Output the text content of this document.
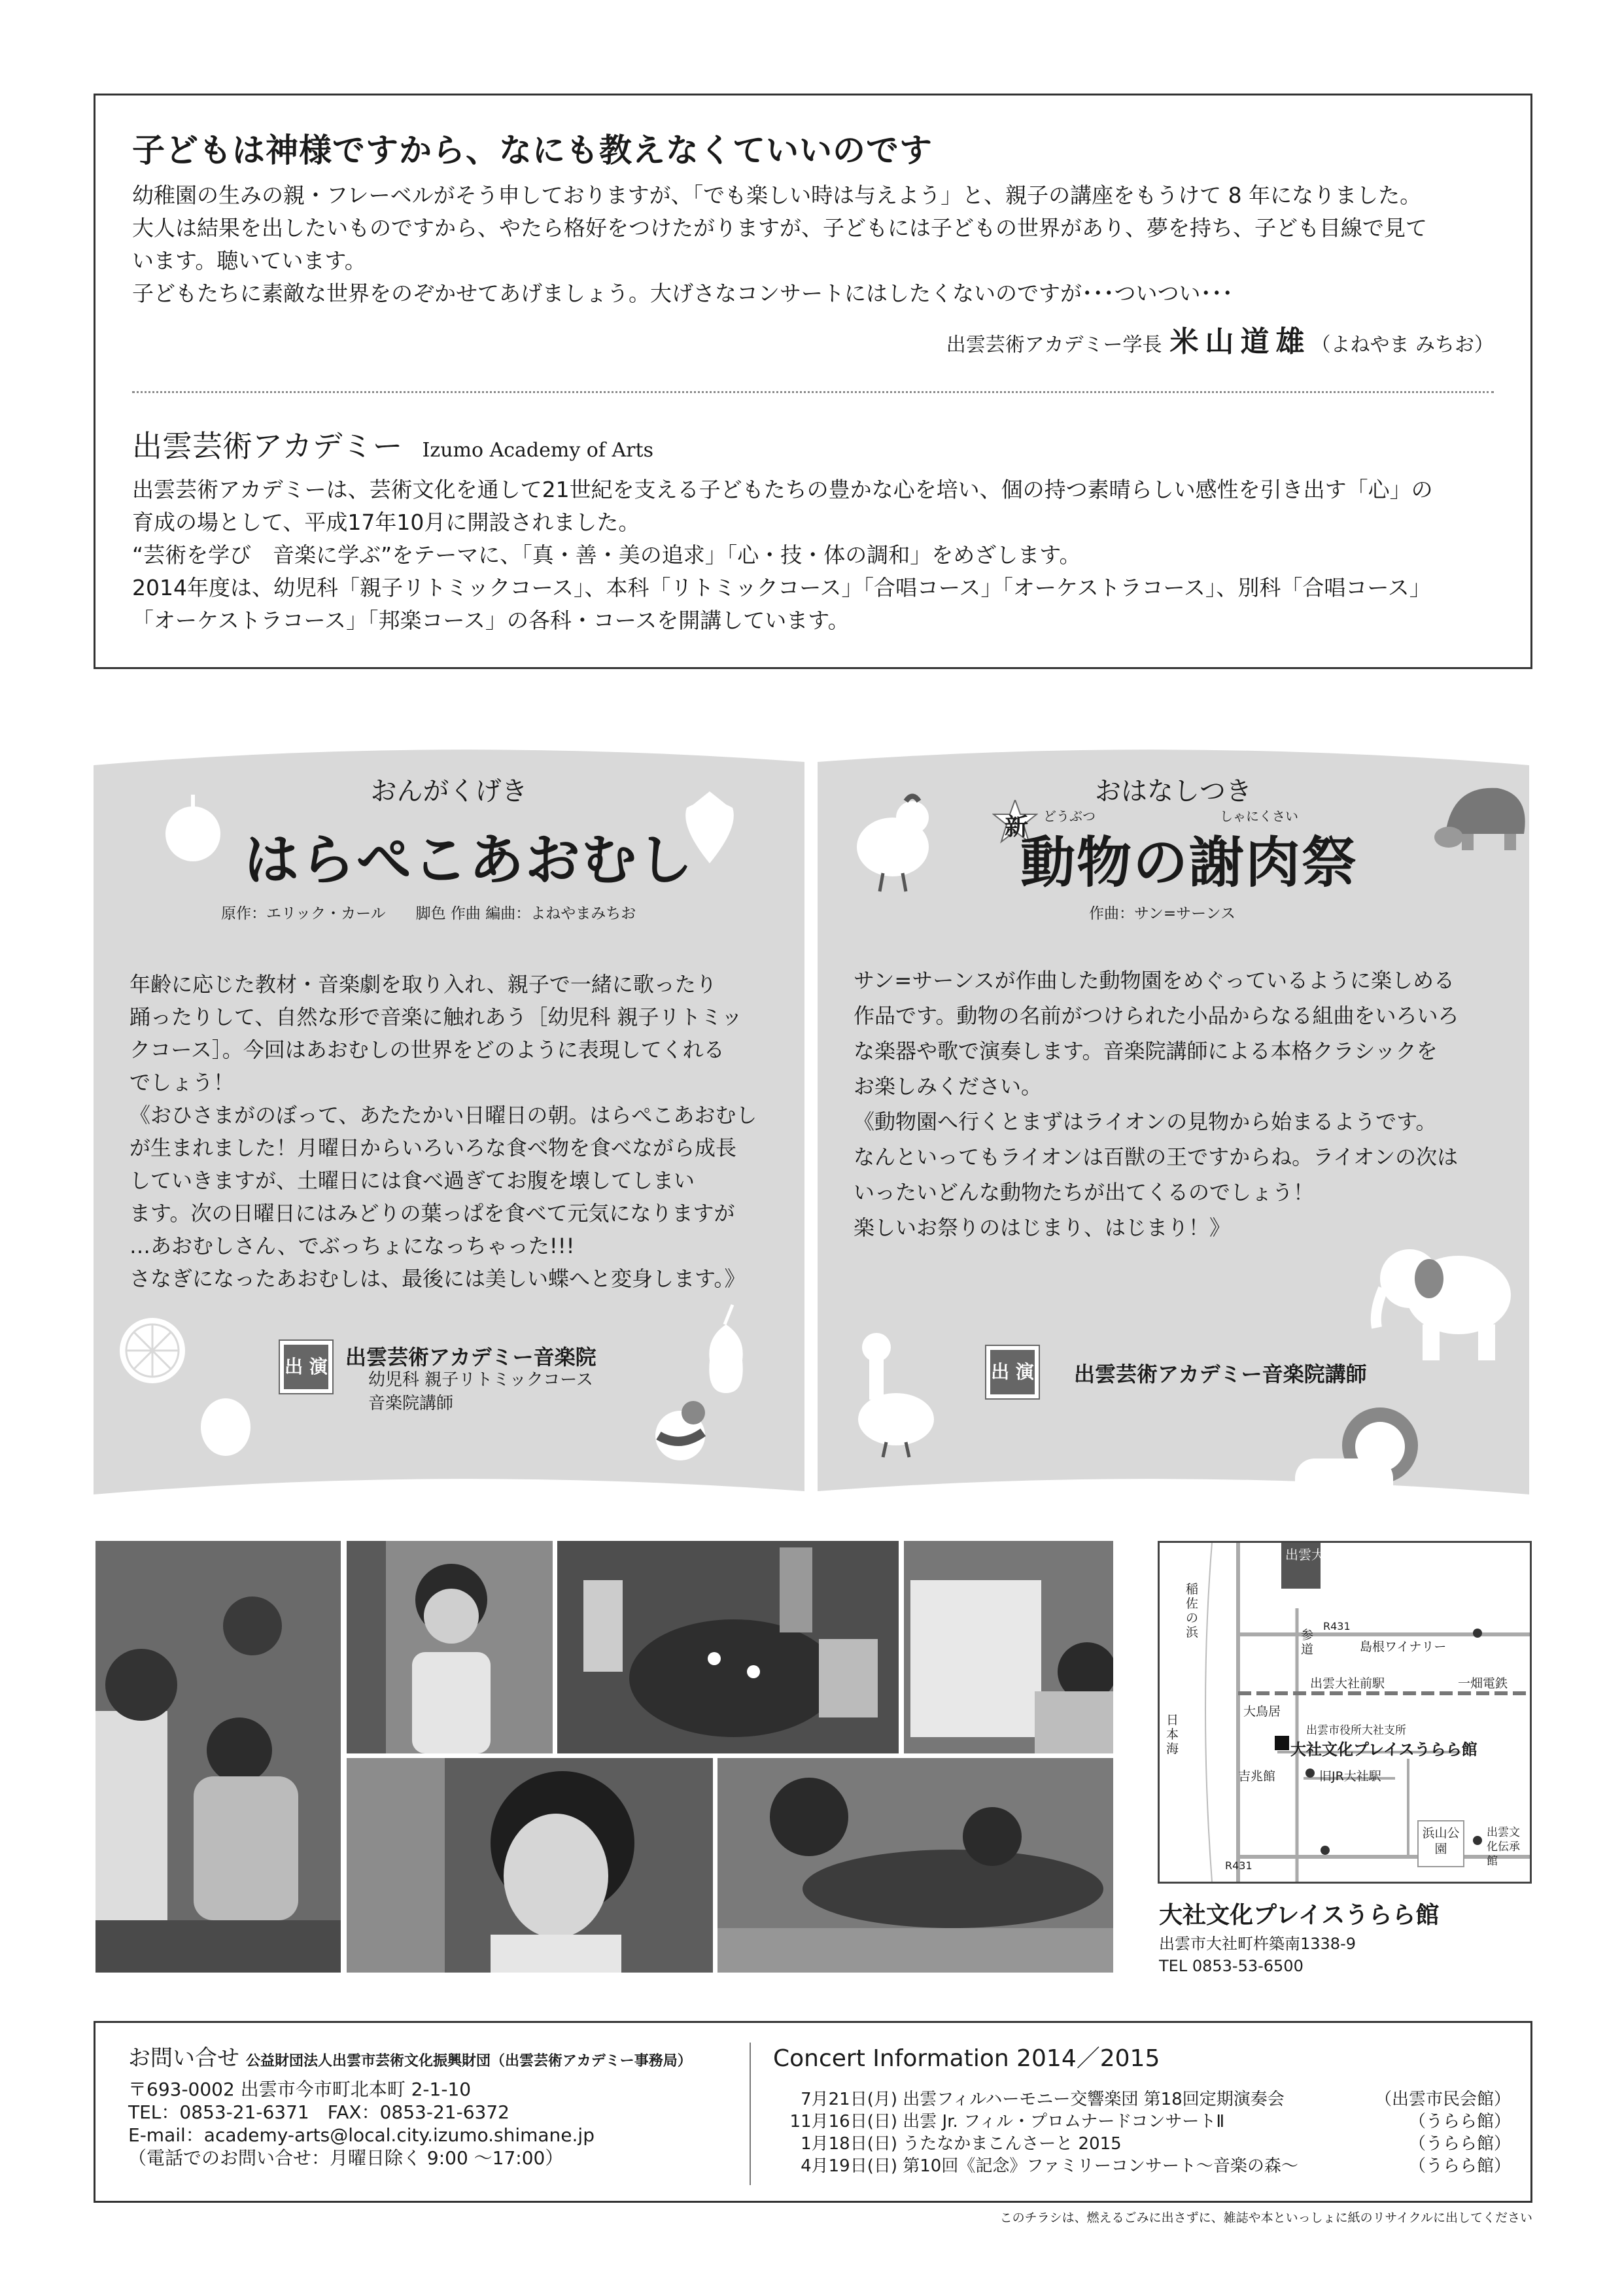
子どもは神様ですから、なにも教えなくていいのです
幼稚園の生みの親・フレーベルがそう申しておりますが、「でも楽しい時は与えよう」と、親子の講座をもうけて 8 年になりました。
大人は結果を出したいものですから、やたら格好をつけたがりますが、子どもには子どもの世界があり、夢を持ち、子ども目線で見て
います。聴いています。
子どもたちに素敵な世界をのぞかせてあげましょう。大げさなコンサートにはしたくないのですが･･･ついつい･･･
出雲芸術アカデミー学長 米山道雄（よねやま みちお）
出雲芸術アカデミー Izumo Academy of Arts
出雲芸術アカデミーは、芸術文化を通して21世紀を支える子どもたちの豊かな心を培い、個の持つ素晴らしい感性を引き出す「心」の
育成の場として、平成17年10月に開設されました。
“芸術を学び　音楽に学ぶ”をテーマに、「真・善・美の追求」「心・技・体の調和」をめざします。
2014年度は、幼児科「親子リトミックコース」、本科「リトミックコース」「合唱コース」「オーケストラコース」、別科「合唱コース」
「オーケストラコース」「邦楽コース」の各科・コースを開講しています。
おんがくげき
はらぺこあおむし
原作：エリック・カール　　脚色 作曲 編曲：よねやまみちお
年齢に応じた教材・音楽劇を取り入れ、親子で一緒に歌ったり
踊ったりして、自然な形で音楽に触れあう［幼児科 親子リトミッ
クコース］。今回はあおむしの世界をどのように表現してくれる
でしょう！
《おひさまがのぼって、あたたかい日曜日の朝。はらぺこあおむし
が生まれました！月曜日からいろいろな食べ物を食べながら成長
していきますが、土曜日には食べ過ぎてお腹を壊してしまい
ます。次の日曜日にはみどりの葉っぱを食べて元気になりますが
…あおむしさん、でぶっちょになっちゃった!!!
さなぎになったあおむしは、最後には美しい蝶へと変身します。》
出 演 出雲芸術アカデミー音楽院
幼児科 親子リトミックコース
音楽院講師
おはなしつき
新 どうぶつ	しゃにくさい
動物の謝肉祭
作曲：サン=サーンス
サン=サーンスが作曲した動物園をめぐっているように楽しめる
作品です。動物の名前がつけられた小品からなる組曲をいろいろ
な楽器や歌で演奏します。音楽院講師による本格クラシックを
お楽しみください。
《動物園へ行くとまずはライオンの見物から始まるようです。
なんといってもライオンは百獣の王ですからね。ライオンの次は
いったいどんな動物たちが出てくるのでしょう！
楽しいお祭りのはじまり、はじまり！》
出 演 出雲芸術アカデミー音楽院講師
出雲大社
稲佐の浜	参道
R431
島根ワイナリー
出雲大社前駅	一畑電鉄
日本海
大鳥居
出雲市役所大社支所
大社文化プレイスうらら館
吉兆館	旧JR大社駅
浜山公園
出雲文化伝承館
R431
大社文化プレイスうらら館
出雲市大社町杵築南1338-9
TEL 0853-53-6500
お問い合せ 公益財団法人出雲市芸術文化振興財団（出雲芸術アカデミー事務局）
〒693-0002 出雲市今市町北本町 2-1-10
TEL：0853-21-6371　FAX：0853-21-6372
E-mail：academy-arts@local.city.izumo.shimane.jp
（電話でのお問い合せ：月曜日除く 9:00 ～17:00）
Concert Information 2014／2015
7月21日(月) 出雲フィルハーモニー交響楽団 第18回定期演奏会	（出雲市民会館）
11月16日(日) 出雲 Jr. フィル・プロムナードコンサートⅡ	（うらら館）
1月18日(日) うたなかまこんさーと 2015	（うらら館）
4月19日(日) 第10回《記念》ファミリーコンサート～音楽の森～	（うらら館）
このチラシは、燃えるごみに出さずに、雑誌や本といっしょに紙のリサイクルに出してください
